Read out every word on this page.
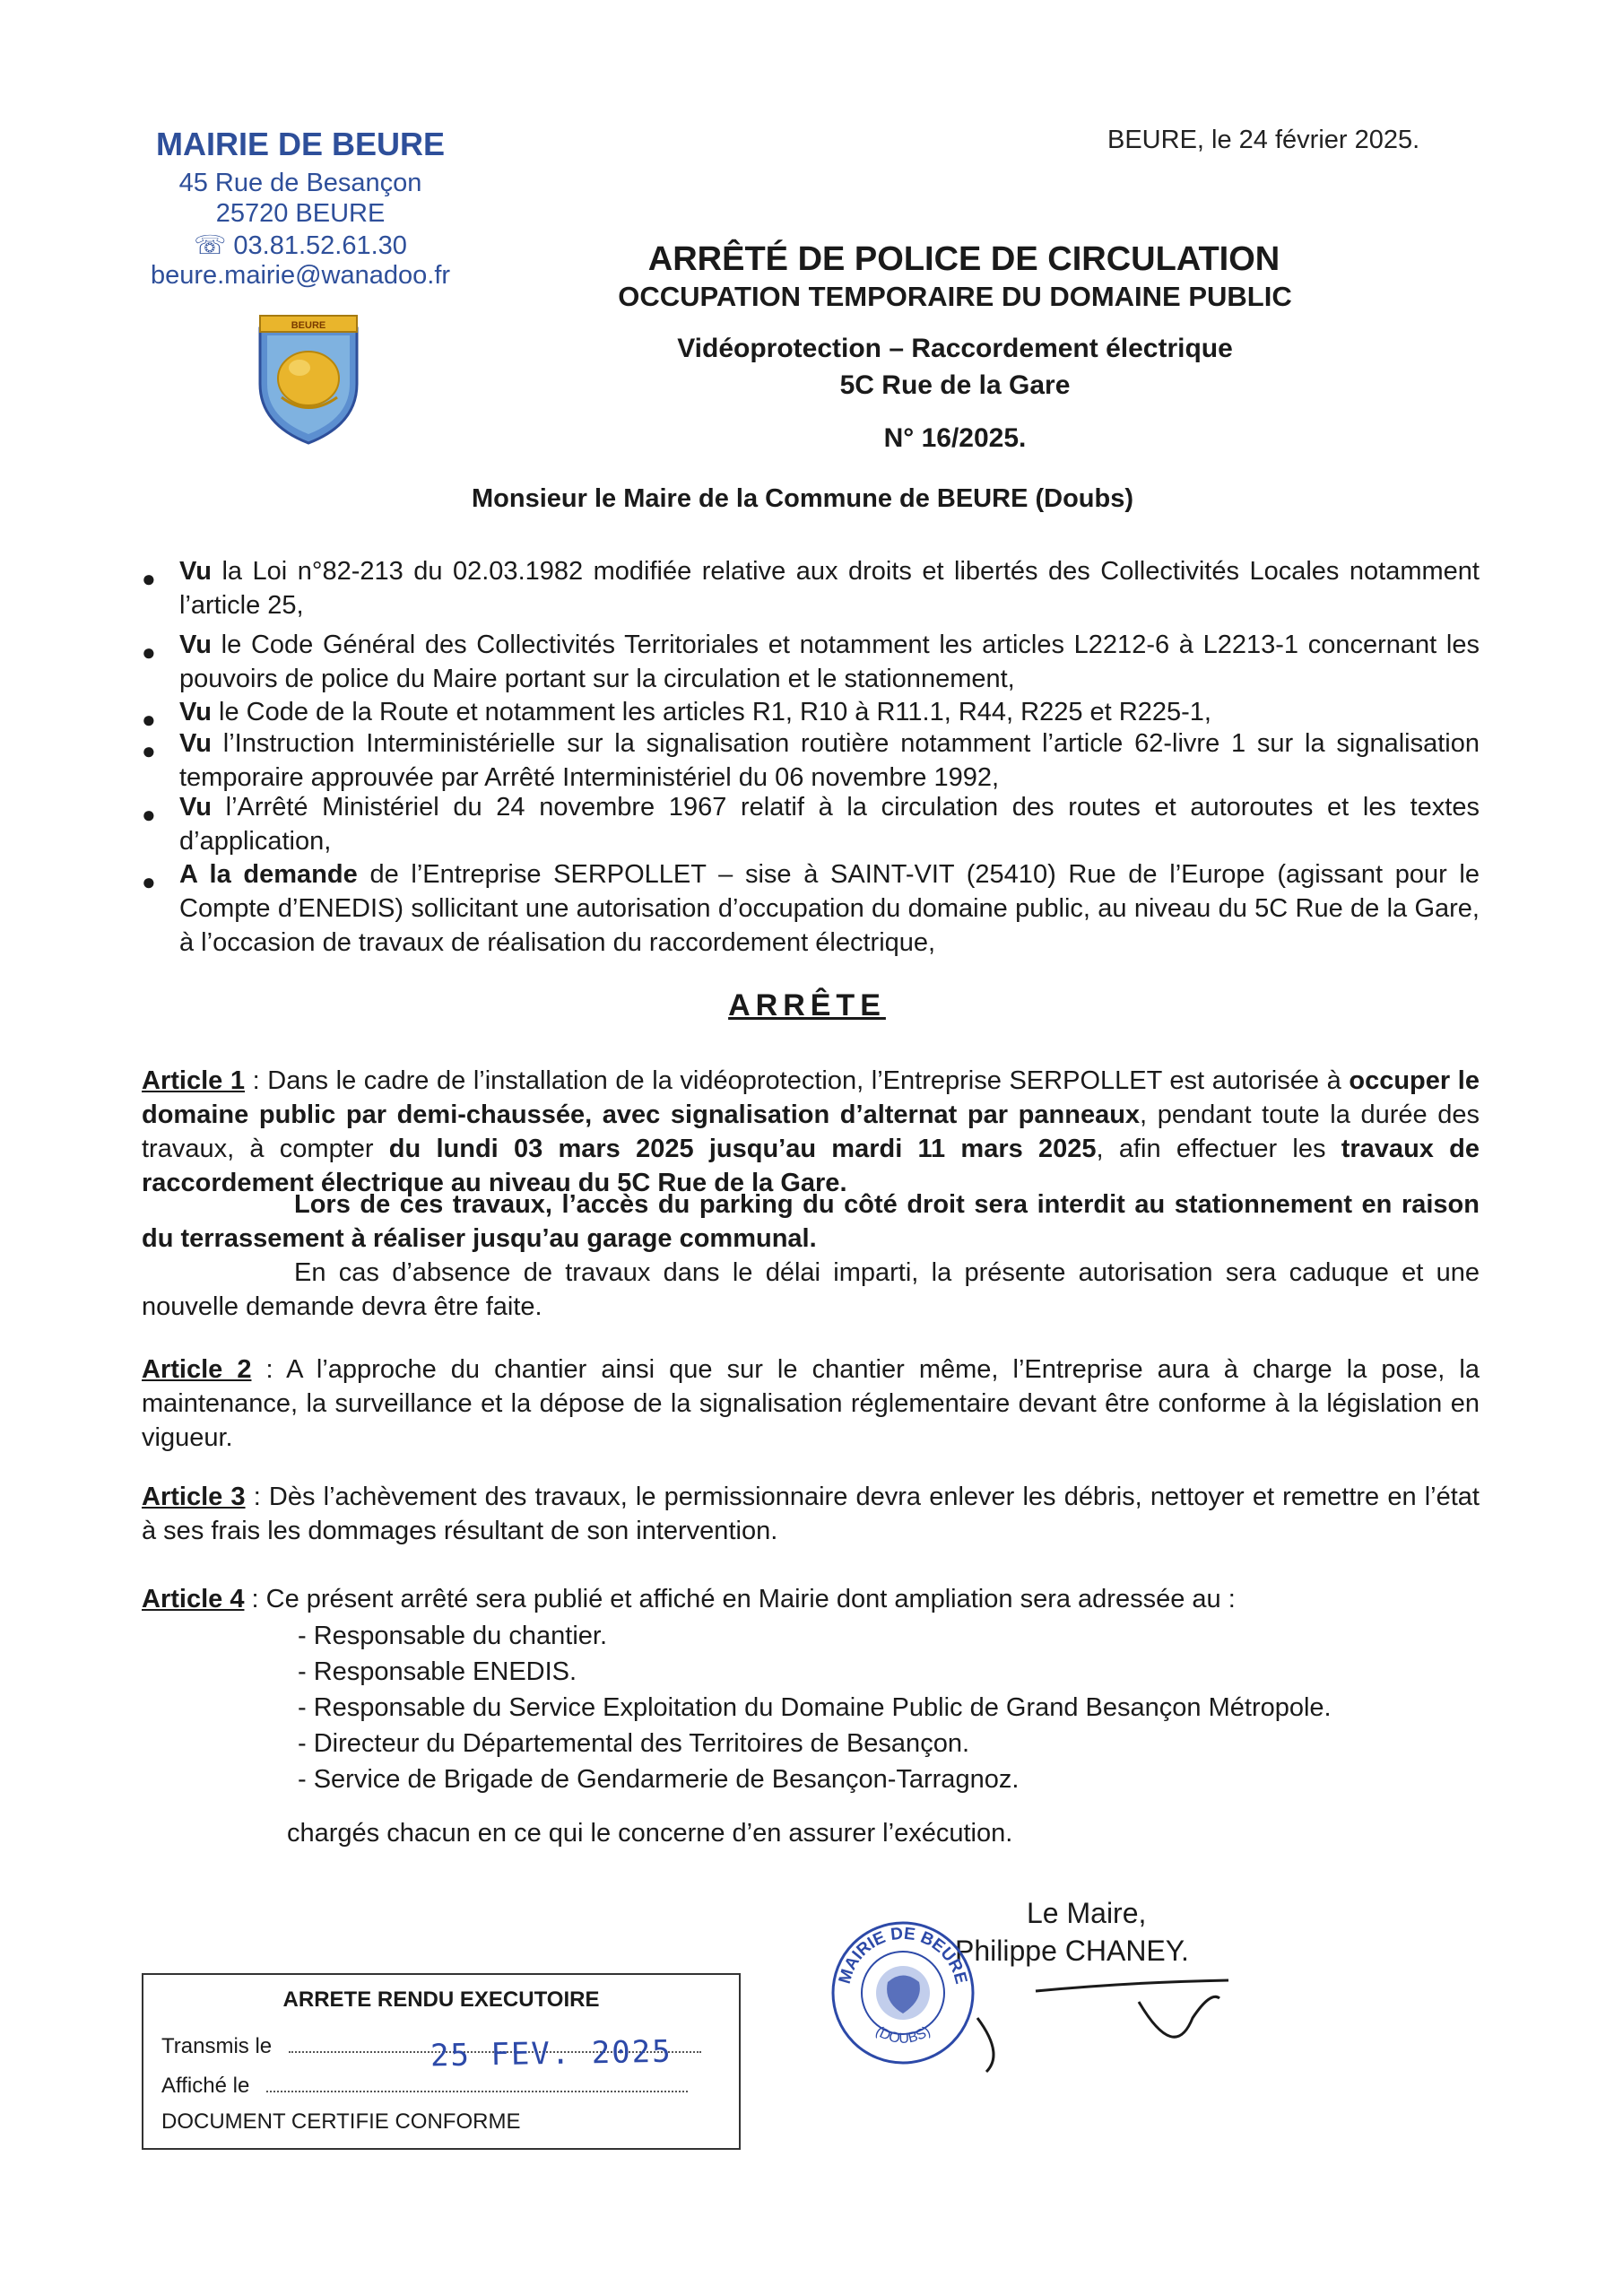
MAIRIE DE BEURE
45 Rue de Besançon
25720 BEURE
☏ 03.81.52.61.30
beure.mairie@wanadoo.fr
BEURE
BEURE, le 24 février 2025.
ARRÊTÉ DE POLICE DE CIRCULATION
OCCUPATION TEMPORAIRE DU DOMAINE PUBLIC
Vidéoprotection – Raccordement électrique
5C Rue de la Gare
N° 16/2025.
Monsieur le Maire de la Commune de BEURE (Doubs)
● Vu la Loi n°82-213 du 02.03.1982 modifiée relative aux droits et libertés des Collectivités Locales notamment l’article 25,
● Vu le Code Général des Collectivités Territoriales et notamment les articles L2212-6 à L2213-1 concernant les pouvoirs de police du Maire portant sur la circulation et le stationnement,
● Vu le Code de la Route et notamment les articles R1, R10 à R11.1, R44, R225 et R225-1,
● Vu l’Instruction Interministérielle sur la signalisation routière notamment l’article 62-livre 1 sur la signalisation temporaire approuvée par Arrêté Interministériel du 06 novembre 1992,
● Vu l’Arrêté Ministériel du 24 novembre 1967 relatif à la circulation des routes et autoroutes et les textes d’application,
● A la demande de l’Entreprise SERPOLLET – sise à SAINT-VIT (25410) Rue de l’Europe (agissant pour le Compte d’ENEDIS) sollicitant une autorisation d’occupation du domaine public, au niveau du 5C Rue de la Gare, à l’occasion de travaux de réalisation du raccordement électrique,
ARRÊTE
Article 1 : Dans le cadre de l’installation de la vidéoprotection, l’Entreprise SERPOLLET est autorisée à occuper le domaine public par demi-chaussée, avec signalisation d’alternat par panneaux, pendant toute la durée des travaux, à compter du lundi 03 mars 2025 jusqu’au mardi 11 mars 2025, afin effectuer les travaux de raccordement électrique au niveau du 5C Rue de la Gare.
Lors de ces travaux, l’accès du parking du côté droit sera interdit au stationnement en raison du terrassement à réaliser jusqu’au garage communal.
En cas d’absence de travaux dans le délai imparti, la présente autorisation sera caduque et une nouvelle demande devra être faite.
Article 2 : A l’approche du chantier ainsi que sur le chantier même, l’Entreprise aura à charge la pose, la maintenance, la surveillance et la dépose de la signalisation réglementaire devant être conforme à la législation en vigueur.
Article 3 : Dès l’achèvement des travaux, le permissionnaire devra enlever les débris, nettoyer et remettre en l’état à ses frais les dommages résultant de son intervention.
Article 4 : Ce présent arrêté sera publié et affiché en Mairie dont ampliation sera adressée au :
- Responsable du chantier.
- Responsable ENEDIS.
- Responsable du Service Exploitation du Domaine Public de Grand Besançon Métropole.
- Directeur du Départemental des Territoires de Besançon.
- Service de Brigade de Gendarmerie de Besançon-Tarragnoz.
chargés chacun en ce qui le concerne d’en assurer l’exécution.
Le Maire,
Philippe CHANEY.
MAIRIE DE BEURE
(DOUBS)
ARRETE RENDU EXECUTOIRE
Transmis le
Affiché le
DOCUMENT CERTIFIE CONFORME
25 FEV. 2025
